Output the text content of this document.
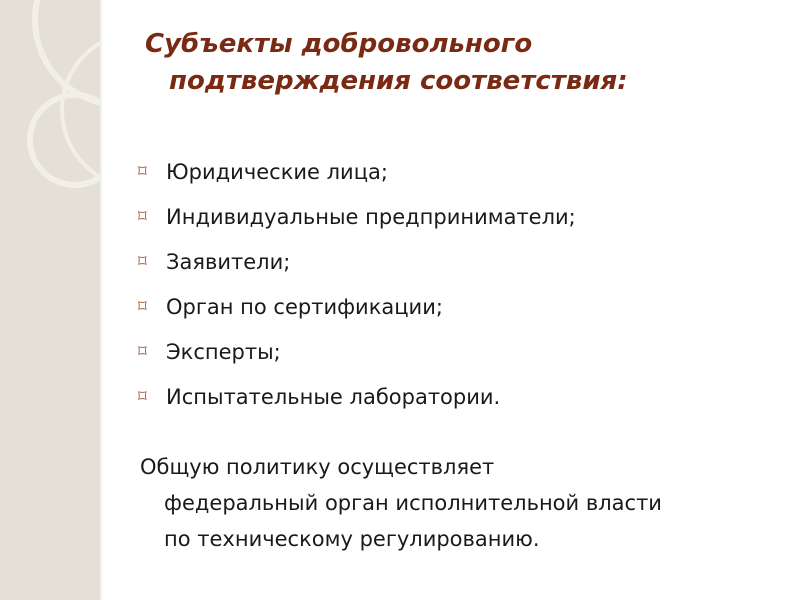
Субъекты добровольного
подтверждения соответствия:
⌑ Юридические лица;
⌑ Индивидуальные предприниматели;
⌑ Заявители;
⌑ Орган по сертификации;
⌑ Эксперты;
⌑ Испытательные лаборатории.

Общую политику осуществляет
федеральный орган исполнительной власти
по техническому регулированию.
